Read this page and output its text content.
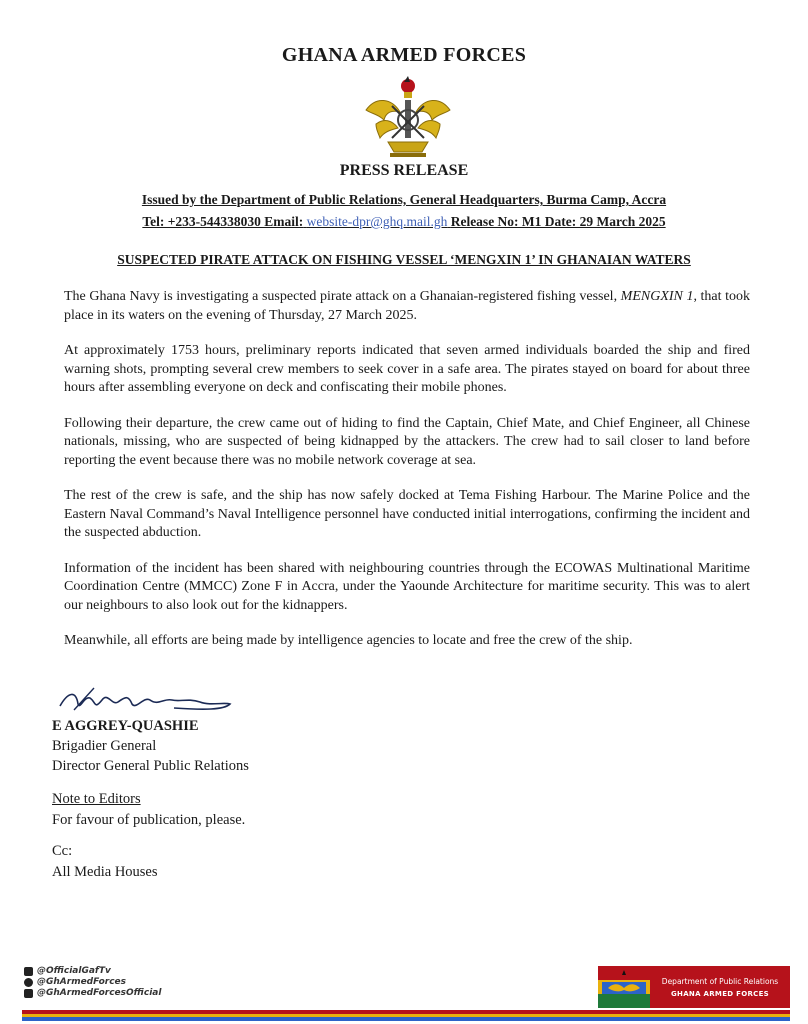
GHANA ARMED FORCES
PRESS RELEASE
Issued by the Department of Public Relations, General Headquarters, Burma Camp, Accra
Tel: +233-544338030 Email: website-dpr@ghq.mail.gh Release No: M1 Date: 29 March 2025
SUSPECTED PIRATE ATTACK ON FISHING VESSEL ‘MENGXIN 1’ IN GHANAIAN WATERS

The Ghana Navy is investigating a suspected pirate attack on a Ghanaian-registered fishing vessel, MENGXIN 1, that took place in its waters on the evening of Thursday, 27 March 2025.

At approximately 1753 hours, preliminary reports indicated that seven armed individuals boarded the ship and fired warning shots, prompting several crew members to seek cover in a safe area. The pirates stayed on board for about three hours after assembling everyone on deck and confiscating their mobile phones.

Following their departure, the crew came out of hiding to find the Captain, Chief Mate, and Chief Engineer, all Chinese nationals, missing, who are suspected of being kidnapped by the attackers. The crew had to sail closer to land before reporting the event because there was no mobile network coverage at sea.

The rest of the crew is safe, and the ship has now safely docked at Tema Fishing Harbour. The Marine Police and the Eastern Naval Command’s Naval Intelligence personnel have conducted initial interrogations, confirming the incident and the suspected abduction.

Information of the incident has been shared with neighbouring countries through the ECOWAS Multinational Maritime Coordination Centre (MMCC) Zone F in Accra, under the Yaounde Architecture for maritime security. This was to alert our neighbours to also look out for the kidnappers.

Meanwhile, all efforts are being made by intelligence agencies to locate and free the crew of the ship.

E AGGREY-QUASHIE
Brigadier General
Director General Public Relations
Note to Editors
For favour of publication, please.
Cc:
All Media Houses
@OfficialGafTv
@GhArmedForces
@GhArmedForcesOfficial
Department of Public Relations
GHANA ARMED FORCES
